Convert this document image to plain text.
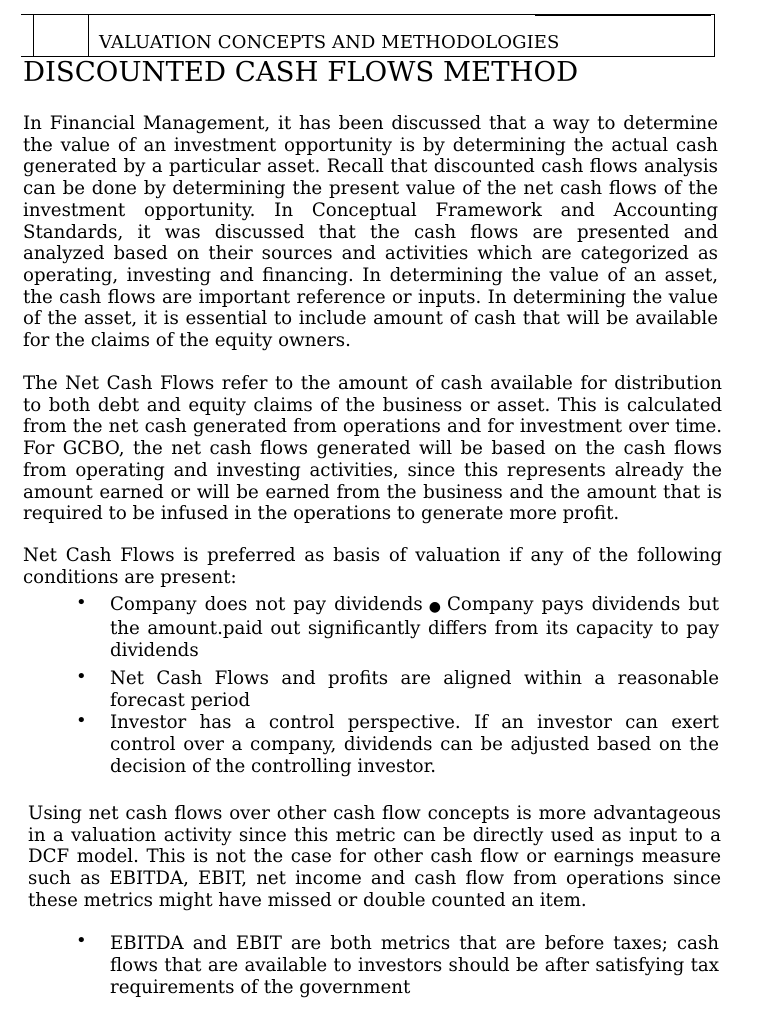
VALUATION CONCEPTS AND METHODOLOGIES
DISCOUNTED CASH FLOWS METHOD

In Financial Management, it has been discussed that a way to determine the value of an investment opportunity is by determining the actual cash generated by a particular asset. Recall that discounted cash flows analysis can be done by determining the present value of the net cash flows of the investment opportunity. In Conceptual Framework and Accounting Standards, it was discussed that the cash flows are presented and analyzed based on their sources and activities which are categorized as operating, investing and financing. In determining the value of an asset, the cash flows are important reference or inputs. In determining the value of the asset, it is essential to include amount of cash that will be available for the claims of the equity owners.

The Net Cash Flows refer to the amount of cash available for distribution to both debt and equity claims of the business or asset. This is calculated from the net cash generated from operations and for investment over time. For GCBO, the net cash flows generated will be based on the cash flows from operating and investing activities, since this represents already the amount earned or will be earned from the business and the amount that is required to be infused in the operations to generate more profit.

Net Cash Flows is preferred as basis of valuation if any of the following conditions are present:

• Company does not pay dividends ● Company pays dividends but the amount.paid out significantly differs from its capacity to pay dividends

• Net Cash Flows and profits are aligned within a reasonable forecast period

• Investor has a control perspective. If an investor can exert control over a company, dividends can be adjusted based on the decision of the controlling investor.

Using net cash flows over other cash flow concepts is more advantageous in a valuation activity since this metric can be directly used as input to a DCF model. This is not the case for other cash flow or earnings measure such as EBITDA, EBIT, net income and cash flow from operations since these metrics might have missed or double counted an item.

• EBITDA and EBIT are both metrics that are before taxes; cash flows that are available to investors should be after satisfying tax requirements of the government
